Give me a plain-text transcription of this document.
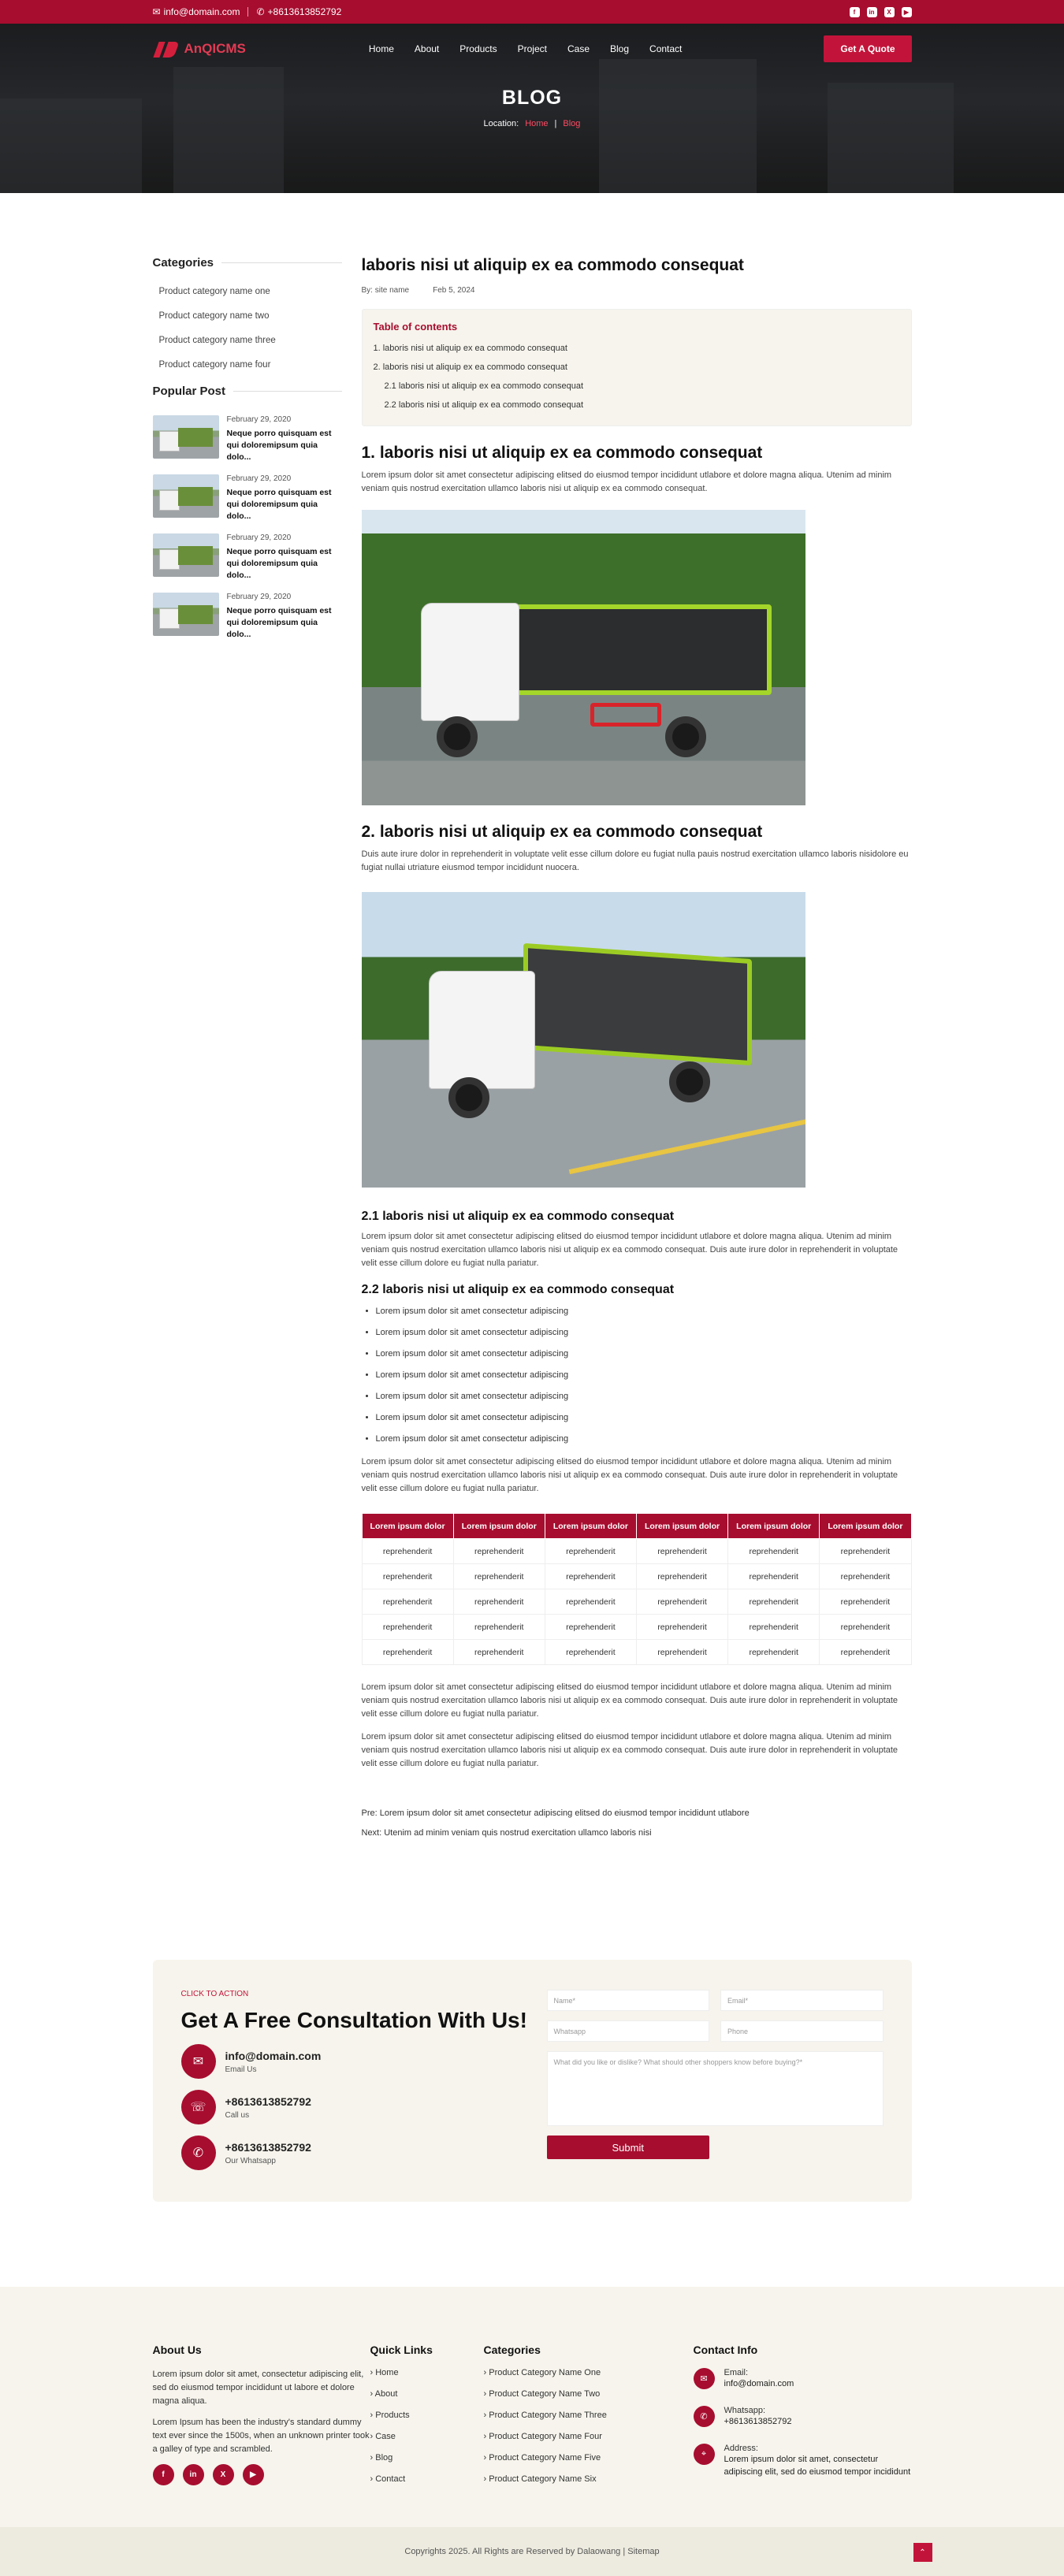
✉ info@domain.com ✆ +8613613852792	f	in	X	▶
AnQICMS	Home About Products Project Case Blog Contact	Get A Quote
BLOG
Location: Home | Blog
Categories
Product category name one
Product category name two
Product category name three
Product category name four
Popular Post
February 29, 2020
Neque porro quisquam est qui doloremipsum quia dolo...
February 29, 2020
Neque porro quisquam est qui doloremipsum quia dolo...
February 29, 2020
Neque porro quisquam est qui doloremipsum quia dolo...
February 29, 2020
Neque porro quisquam est qui doloremipsum quia dolo...
laboris nisi ut aliquip ex ea commodo consequat
By: site name	Feb 5, 2024
Table of contents
1. laboris nisi ut aliquip ex ea commodo consequat
2. laboris nisi ut aliquip ex ea commodo consequat
2.1 laboris nisi ut aliquip ex ea commodo consequat
2.2 laboris nisi ut aliquip ex ea commodo consequat
1. laboris nisi ut aliquip ex ea commodo consequat

Lorem ipsum dolor sit amet consectetur adipiscing elitsed do eiusmod tempor incididunt utlabore et dolore magna aliqua. Utenim ad minim veniam quis nostrud exercitation ullamco laboris nisi ut aliquip ex ea commodo consequat.

2. laboris nisi ut aliquip ex ea commodo consequat

Duis aute irure dolor in reprehenderit in voluptate velit esse cillum dolore eu fugiat nulla pauis nostrud exercitation ullamco laboris nisidolore eu fugiat nullai utriature eiusmod tempor incididunt nuocera.

2.1 laboris nisi ut aliquip ex ea commodo consequat

Lorem ipsum dolor sit amet consectetur adipiscing elitsed do eiusmod tempor incididunt utlabore et dolore magna aliqua. Utenim ad minim veniam quis nostrud exercitation ullamco laboris nisi ut aliquip ex ea commodo consequat. Duis aute irure dolor in reprehenderit in voluptate velit esse cillum dolore eu fugiat nulla pariatur.

2.2 laboris nisi ut aliquip ex ea commodo consequat
• Lorem ipsum dolor sit amet consectetur adipiscing
• Lorem ipsum dolor sit amet consectetur adipiscing
• Lorem ipsum dolor sit amet consectetur adipiscing
• Lorem ipsum dolor sit amet consectetur adipiscing
• Lorem ipsum dolor sit amet consectetur adipiscing
• Lorem ipsum dolor sit amet consectetur adipiscing
• Lorem ipsum dolor sit amet consectetur adipiscing

Lorem ipsum dolor sit amet consectetur adipiscing elitsed do eiusmod tempor incididunt utlabore et dolore magna aliqua. Utenim ad minim veniam quis nostrud exercitation ullamco laboris nisi ut aliquip ex ea commodo consequat. Duis aute irure dolor in reprehenderit in voluptate velit esse cillum dolore eu fugiat nulla pariatur.

Lorem ipsum dolor	Lorem ipsum dolor	Lorem ipsum dolor	Lorem ipsum dolor	Lorem ipsum dolor	Lorem ipsum dolor
reprehenderit	reprehenderit	reprehenderit	reprehenderit	reprehenderit	reprehenderit
reprehenderit	reprehenderit	reprehenderit	reprehenderit	reprehenderit	reprehenderit
reprehenderit	reprehenderit	reprehenderit	reprehenderit	reprehenderit	reprehenderit
reprehenderit	reprehenderit	reprehenderit	reprehenderit	reprehenderit	reprehenderit
reprehenderit	reprehenderit	reprehenderit	reprehenderit	reprehenderit	reprehenderit

Lorem ipsum dolor sit amet consectetur adipiscing elitsed do eiusmod tempor incididunt utlabore et dolore magna aliqua. Utenim ad minim veniam quis nostrud exercitation ullamco laboris nisi ut aliquip ex ea commodo consequat. Duis aute irure dolor in reprehenderit in voluptate velit esse cillum dolore eu fugiat nulla pariatur.

Lorem ipsum dolor sit amet consectetur adipiscing elitsed do eiusmod tempor incididunt utlabore et dolore magna aliqua. Utenim ad minim veniam quis nostrud exercitation ullamco laboris nisi ut aliquip ex ea commodo consequat. Duis aute irure dolor in reprehenderit in voluptate velit esse cillum dolore eu fugiat nulla pariatur.

Pre: Lorem ipsum dolor sit amet consectetur adipiscing elitsed do eiusmod tempor incididunt utlabore
Next: Utenim ad minim veniam quis nostrud exercitation ullamco laboris nisi
CLICK TO ACTION
Get A Free Consultation With Us!
✉	info@domain.com
Email Us
☏	+8613613852792
Call us
✆	+8613613852792
Our Whatsapp
Name*	Email*
Whatsapp	Phone
What did you like or dislike? What should other shoppers know before buying?*
Submit
About Us
Lorem ipsum dolor sit amet, consectetur adipiscing elit, sed do eiusmod tempor incididunt ut labore et dolore magna aliqua.
Lorem Ipsum has been the industry's standard dummy text ever since the 1500s, when an unknown printer took a galley of type and scrambled.
f	in	X	▶
Quick Links
› Home
› About
› Products
› Case
› Blog
› Contact
Categories
› Product Category Name One
› Product Category Name Two
› Product Category Name Three
› Product Category Name Four
› Product Category Name Five
› Product Category Name Six
Contact Info
✉
Email:
info@domain.com
✆
Whatsapp:
+8613613852792
⌖
Address:
Lorem ipsum dolor sit amet, consectetur adipiscing elit, sed do eiusmod tempor incididunt
Copyrights 2025. All Rights are Reserved by Dalaowang | Sitemap	⌃
